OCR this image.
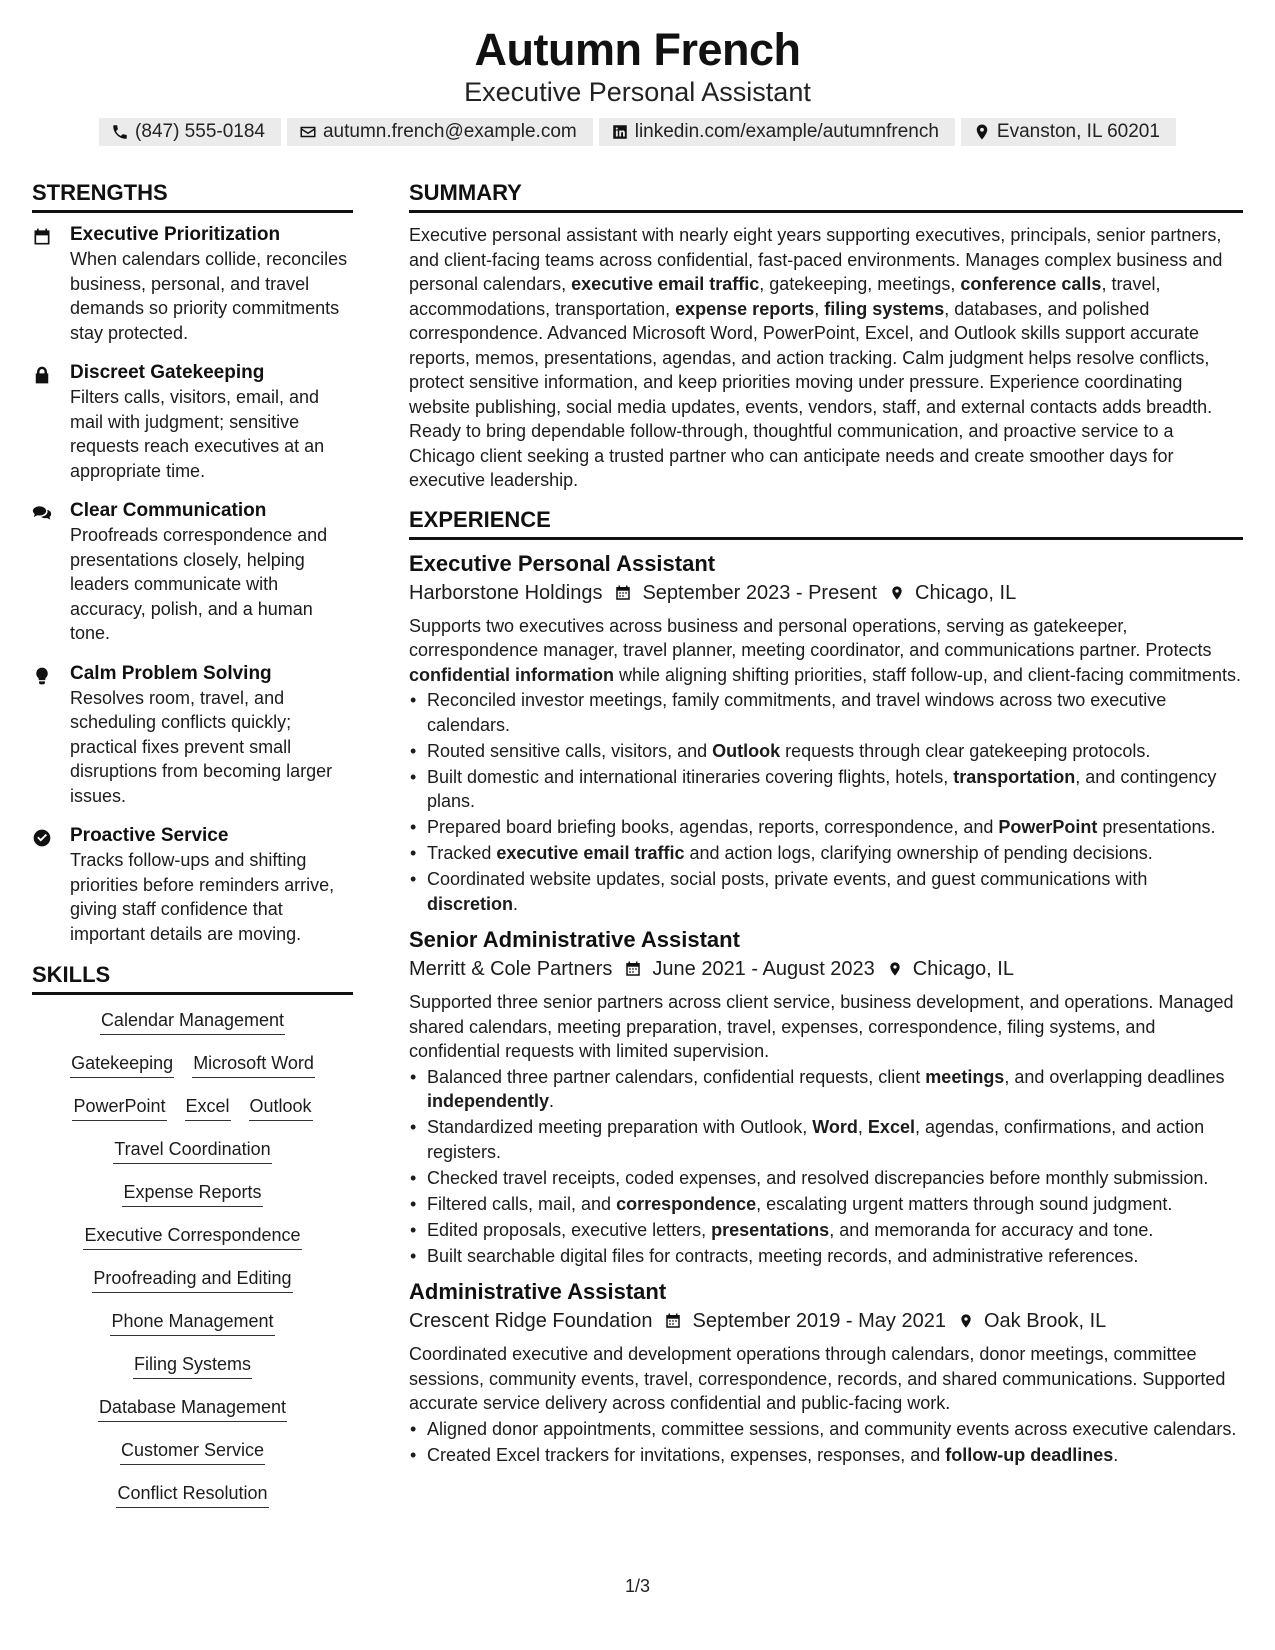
Autumn French
Executive Personal Assistant
(847) 555-0184	autumn.french@example.com	linkedin.com/example/autumnfrench	Evanston, IL 60201
STRENGTHS
Executive Prioritization
When calendars collide, reconciles business, personal, and travel demands so priority commitments stay protected.
Discreet Gatekeeping
Filters calls, visitors, email, and mail with judgment; sensitive requests reach executives at an appropriate time.
Clear Communication
Proofreads correspondence and presentations closely, helping leaders communicate with accuracy, polish, and a human tone.
Calm Problem Solving
Resolves room, travel, and scheduling conflicts quickly; practical fixes prevent small disruptions from becoming larger issues.
Proactive Service
Tracks follow-ups and shifting priorities before reminders arrive, giving staff confidence that important details are moving.
SKILLS
Calendar Management
Gatekeeping Microsoft Word
PowerPoint Excel Outlook
Travel Coordination
Expense Reports
Executive Correspondence
Proofreading and Editing
Phone Management
Filing Systems
Database Management
Customer Service
Conflict Resolution
SUMMARY
Executive personal assistant with nearly eight years supporting executives, principals, senior partners, and client-facing teams across confidential, fast-paced environments. Manages complex business and personal calendars, executive email traffic, gatekeeping, meetings, conference calls, travel, accommodations, transportation, expense reports, filing systems, databases, and polished correspondence. Advanced Microsoft Word, PowerPoint, Excel, and Outlook skills support accurate reports, memos, presentations, agendas, and action tracking. Calm judgment helps resolve conflicts, protect sensitive information, and keep priorities moving under pressure. Experience coordinating website publishing, social media updates, events, vendors, staff, and external contacts adds breadth. Ready to bring dependable follow-through, thoughtful communication, and proactive service to a Chicago client seeking a trusted partner who can anticipate needs and create smoother days for executive leadership.
EXPERIENCE
Executive Personal Assistant
Harborstone Holdings September 2023 - Present Chicago, IL
Supports two executives across business and personal operations, serving as gatekeeper, correspondence manager, travel planner, meeting coordinator, and communications partner. Protects confidential information while aligning shifting priorities, staff follow-up, and client-facing commitments.
• Reconciled investor meetings, family commitments, and travel windows across two executive calendars.
• Routed sensitive calls, visitors, and Outlook requests through clear gatekeeping protocols.
• Built domestic and international itineraries covering flights, hotels, transportation, and contingency plans.
• Prepared board briefing books, agendas, reports, correspondence, and PowerPoint presentations.
• Tracked executive email traffic and action logs, clarifying ownership of pending decisions.
• Coordinated website updates, social posts, private events, and guest communications with discretion.
Senior Administrative Assistant
Merritt & Cole Partners June 2021 - August 2023 Chicago, IL
Supported three senior partners across client service, business development, and operations. Managed shared calendars, meeting preparation, travel, expenses, correspondence, filing systems, and confidential requests with limited supervision.
• Balanced three partner calendars, confidential requests, client meetings, and overlapping deadlines independently.
• Standardized meeting preparation with Outlook, Word, Excel, agendas, confirmations, and action registers.
• Checked travel receipts, coded expenses, and resolved discrepancies before monthly submission.
• Filtered calls, mail, and correspondence, escalating urgent matters through sound judgment.
• Edited proposals, executive letters, presentations, and memoranda for accuracy and tone.
• Built searchable digital files for contracts, meeting records, and administrative references.
Administrative Assistant
Crescent Ridge Foundation September 2019 - May 2021 Oak Brook, IL
Coordinated executive and development operations through calendars, donor meetings, committee sessions, community events, travel, correspondence, records, and shared communications. Supported accurate service delivery across confidential and public-facing work.
• Aligned donor appointments, committee sessions, and community events across executive calendars.
• Created Excel trackers for invitations, expenses, responses, and follow-up deadlines.
1/3
